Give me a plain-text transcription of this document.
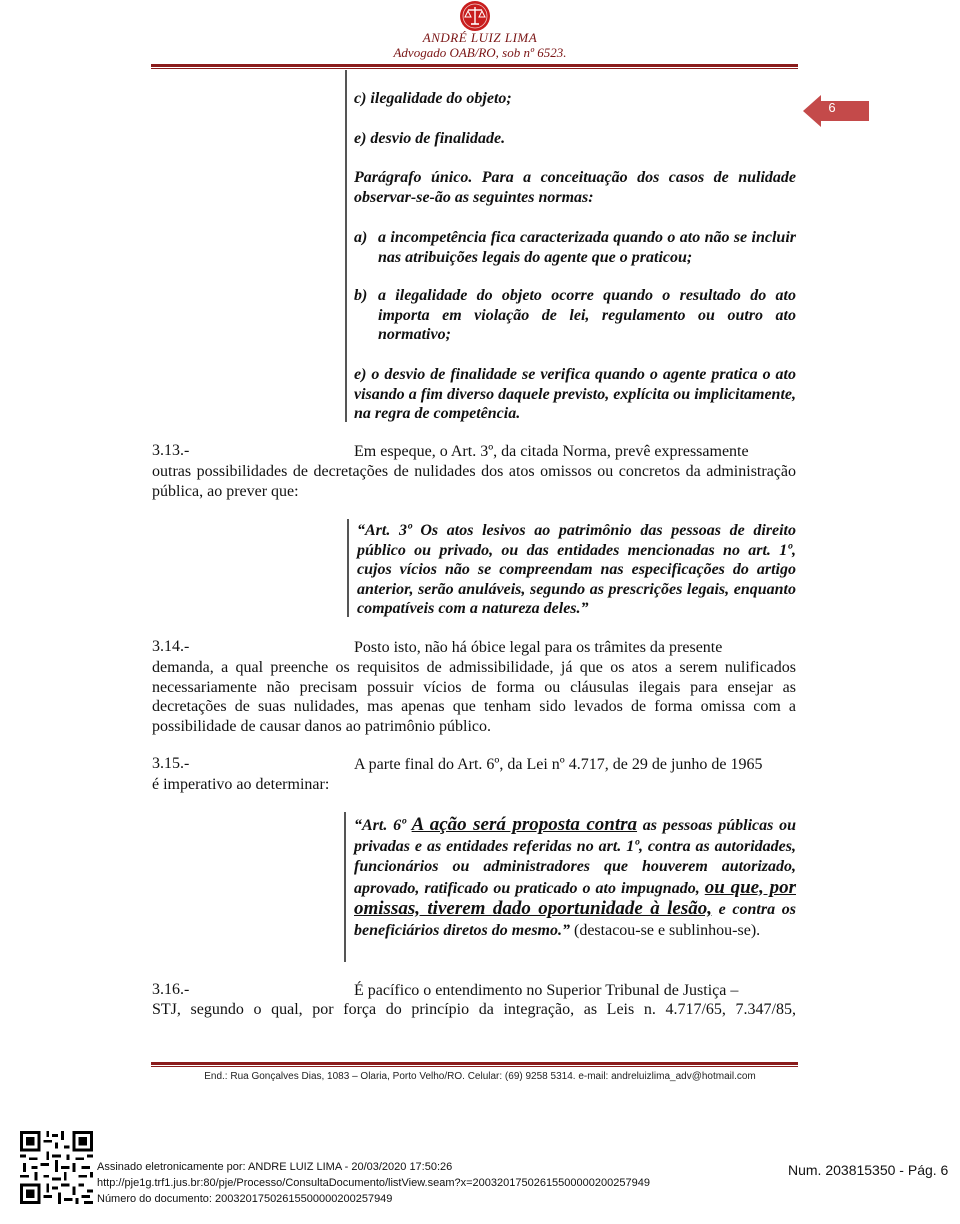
ANDRÉ LUIZ LIMA
Advogado OAB/RO, sob nº 6523.
6
c) ilegalidade do objeto;
e) desvio de finalidade.
Parágrafo único. Para a conceituação dos casos de nulidade observar-se-ão as seguintes normas:
a) a incompetência fica caracterizada quando o ato não se incluir nas atribuições legais do agente que o praticou;
b) a ilegalidade do objeto ocorre quando o resultado do ato importa em violação de lei, regulamento ou outro ato normativo;
e) o desvio de finalidade se verifica quando o agente pratica o ato visando a fim diverso daquele previsto, explícita ou implicitamente, na regra de competência.
3.13.-	Em espeque, o Art. 3º, da citada Norma, prevê expressamente
outras possibilidades de decretações de nulidades dos atos omissos ou concretos da administração pública, ao prever que:
“Art. 3º Os atos lesivos ao patrimônio das pessoas de direito público ou privado, ou das entidades mencionadas no art. 1º, cujos vícios não se compreendam nas especificações do artigo anterior, serão anuláveis, segundo as prescrições legais, enquanto compatíveis com a natureza deles.”
3.14.-	Posto isto, não há óbice legal para os trâmites da presente
demanda, a qual preenche os requisitos de admissibilidade, já que os atos a serem nulificados necessariamente não precisam possuir vícios de forma ou cláusulas ilegais para ensejar as decretações de suas nulidades, mas apenas que tenham sido levados de forma omissa com a possibilidade de causar danos ao patrimônio público.
3.15.-	A parte final do Art. 6º, da Lei nº 4.717, de 29 de junho de 1965
é imperativo ao determinar:
“Art. 6º A ação será proposta contra as pessoas públicas ou privadas e as entidades referidas no art. 1º, contra as autoridades, funcionários ou administradores que houverem autorizado, aprovado, ratificado ou praticado o ato impugnado, ou que, por omissas, tiverem dado oportunidade à lesão, e contra os beneficiários diretos do mesmo.” (destacou-se e sublinhou-se).
3.16.-	É pacífico o entendimento no Superior Tribunal de Justiça –
STJ, segundo o qual, por força do princípio da integração, as Leis n. 4.717/65, 7.347/85,
End.: Rua Gonçalves Dias, 1083 – Olaria, Porto Velho/RO. Celular: (69) 9258 5314. e-mail: andreluizlima_adv@hotmail.com
Assinado eletronicamente por: ANDRE LUIZ LIMA - 20/03/2020 17:50:26
http://pje1g.trf1.jus.br:80/pje/Processo/ConsultaDocumento/listView.seam?x=20032017502615500000200257949
Número do documento: 20032017502615500000200257949
Num. 203815350 - Pág. 6
